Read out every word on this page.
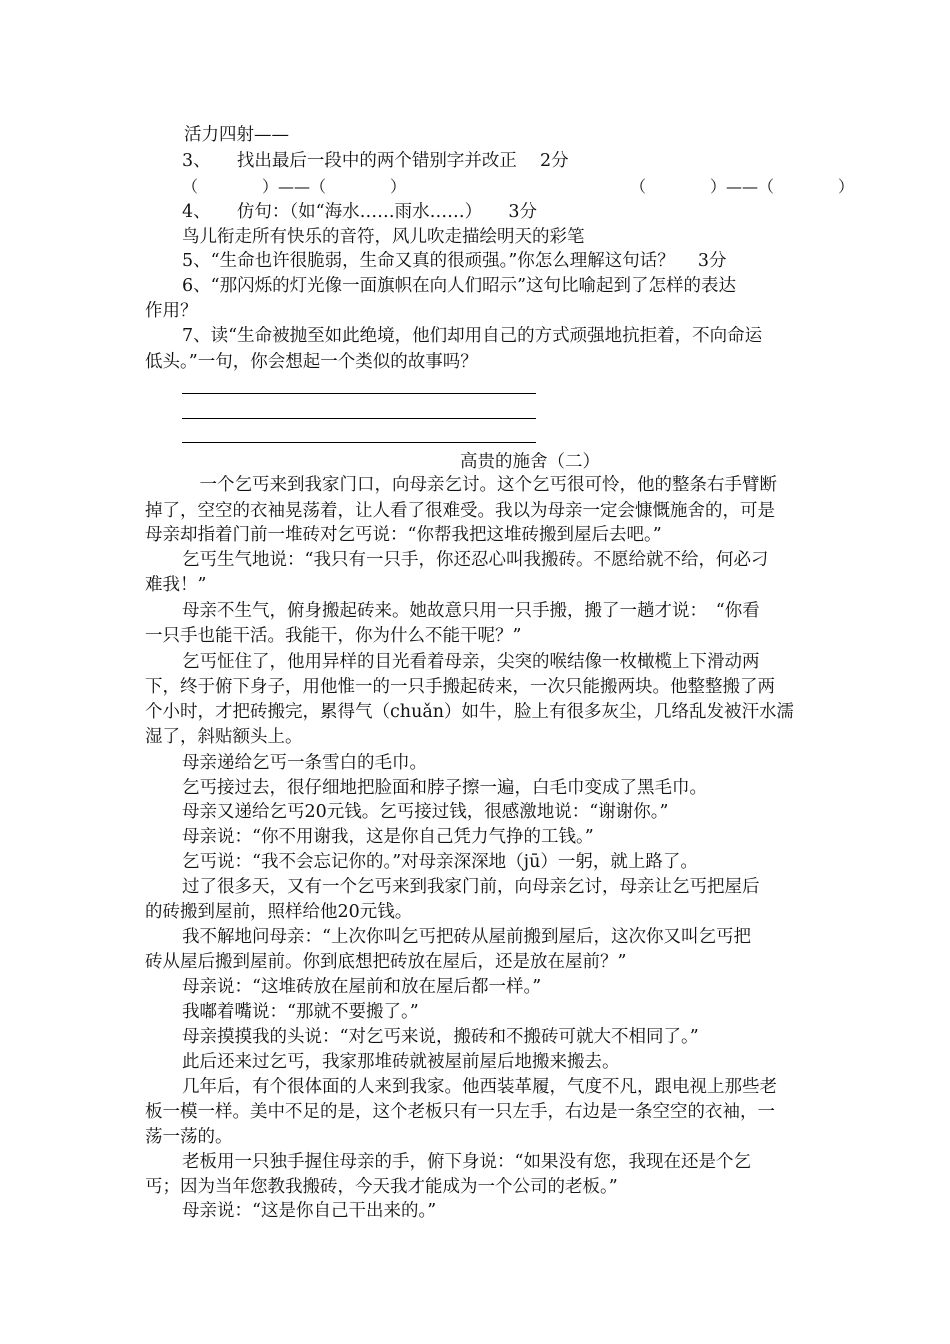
活力四射——
3、　　找出最后一段中的两个错别字并改正　 2分
（　　　　）——（　　　　）　　　　　　　　　　　　　　　（　　　　）——（　　　　）
4、　　仿句：（如“海水……雨水……）　　3分
鸟儿衔走所有快乐的音符，风儿吹走描绘明天的彩笔
5、“生命也许很脆弱，生命又真的很顽强。”你怎么理解这句话？　 3分
6、“那闪烁的灯光像一面旗帜在向人们昭示”这句比喻起到了怎样的表达
作用？
7、读“生命被抛至如此绝境，他们却用自己的方式顽强地抗拒着，不向命运
低头。”一句，你会想起一个类似的故事吗？
高贵的施舍（二）
　一个乞丐来到我家门口，向母亲乞讨。这个乞丐很可怜，他的整条右手臂断
掉了，空空的衣袖晃荡着，让人看了很难受。我以为母亲一定会慷慨施舍的，可是
母亲却指着门前一堆砖对乞丐说：“你帮我把这堆砖搬到屋后去吧。”
乞丐生气地说：“我只有一只手，你还忍心叫我搬砖。不愿给就不给，何必刁
难我！”
母亲不生气，俯身搬起砖来。她故意只用一只手搬，搬了一趟才说：　“你看
一只手也能干活。我能干，你为什么不能干呢？”
乞丐怔住了，他用异样的目光看着母亲，尖突的喉结像一枚橄榄上下滑动两
下，终于俯下身子，用他惟一的一只手搬起砖来，一次只能搬两块。他整整搬了两
个小时，才把砖搬完，累得气（chuǎn）如牛，脸上有很多灰尘，几络乱发被汗水濡
湿了，斜贴额头上。
母亲递给乞丐一条雪白的毛巾。
乞丐接过去，很仔细地把脸面和脖子擦一遍，白毛巾变成了黑毛巾。
母亲又递给乞丐20元钱。乞丐接过钱，很感激地说：“谢谢你。”
母亲说：“你不用谢我，这是你自己凭力气挣的工钱。”
乞丐说：“我不会忘记你的。”对母亲深深地（jū）一躬，就上路了。
过了很多天，又有一个乞丐来到我家门前，向母亲乞讨，母亲让乞丐把屋后
的砖搬到屋前，照样给他20元钱。
我不解地问母亲：“上次你叫乞丐把砖从屋前搬到屋后，这次你又叫乞丐把
砖从屋后搬到屋前。你到底想把砖放在屋后，还是放在屋前？”
母亲说：“这堆砖放在屋前和放在屋后都一样。”
我嘟着嘴说：“那就不要搬了。”
母亲摸摸我的头说：“对乞丐来说，搬砖和不搬砖可就大不相同了。”
此后还来过乞丐，我家那堆砖就被屋前屋后地搬来搬去。
几年后，有个很体面的人来到我家。他西装革履，气度不凡，跟电视上那些老
板一模一样。美中不足的是，这个老板只有一只左手，右边是一条空空的衣袖，一
荡一荡的。
老板用一只独手握住母亲的手，俯下身说：“如果没有您，我现在还是个乞
丐；因为当年您教我搬砖，今天我才能成为一个公司的老板。”
母亲说：“这是你自己干出来的。”
